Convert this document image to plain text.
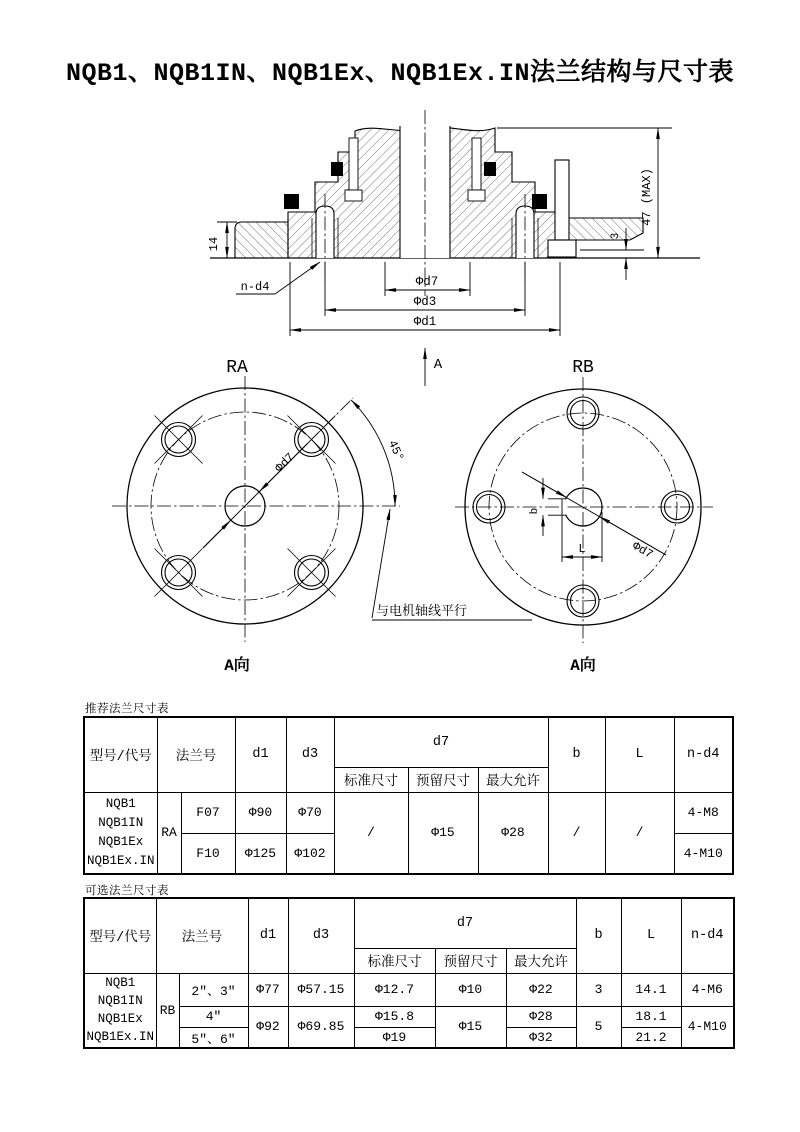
NQB1、NQB1IN、NQB1Ex、NQB1Ex.IN法兰结构与尺寸表
14
47 (MAX)
3
n-d4	Φd7
Φd3
Φd1
A
RA
45°
Φd7
A向
与电机轴线平行
RB
b
L	Φd7
A向
推荐法兰尺寸表
型号/代号	法兰号		d1	d3	d7			b	L	n-d4
					标准尺寸	预留尺寸	最大允许			

NQB1
NQB1IN
NQB1Ex
NQB1Ex.IN	RA	F07	Φ90	Φ70	/	Φ15	Φ28	/	/	4-M8
		F10	Φ125	Φ102						4-M10
可选法兰尺寸表
型号/代号	法兰号		d1	d3	d7			b	L	n-d4
					标准尺寸	预留尺寸	最大允许			

NQB1
NQB1IN
NQB1Ex
NQB1Ex.IN	RB	2"、3"	Φ77	Φ57.15	Φ12.7	Φ10	Φ22	3	14.1	4-M6
		4"	Φ92	Φ69.85	Φ15.8	Φ15	Φ28	5	18.1	4-M10
		5"、6"			Φ19		Φ32		21.2	
